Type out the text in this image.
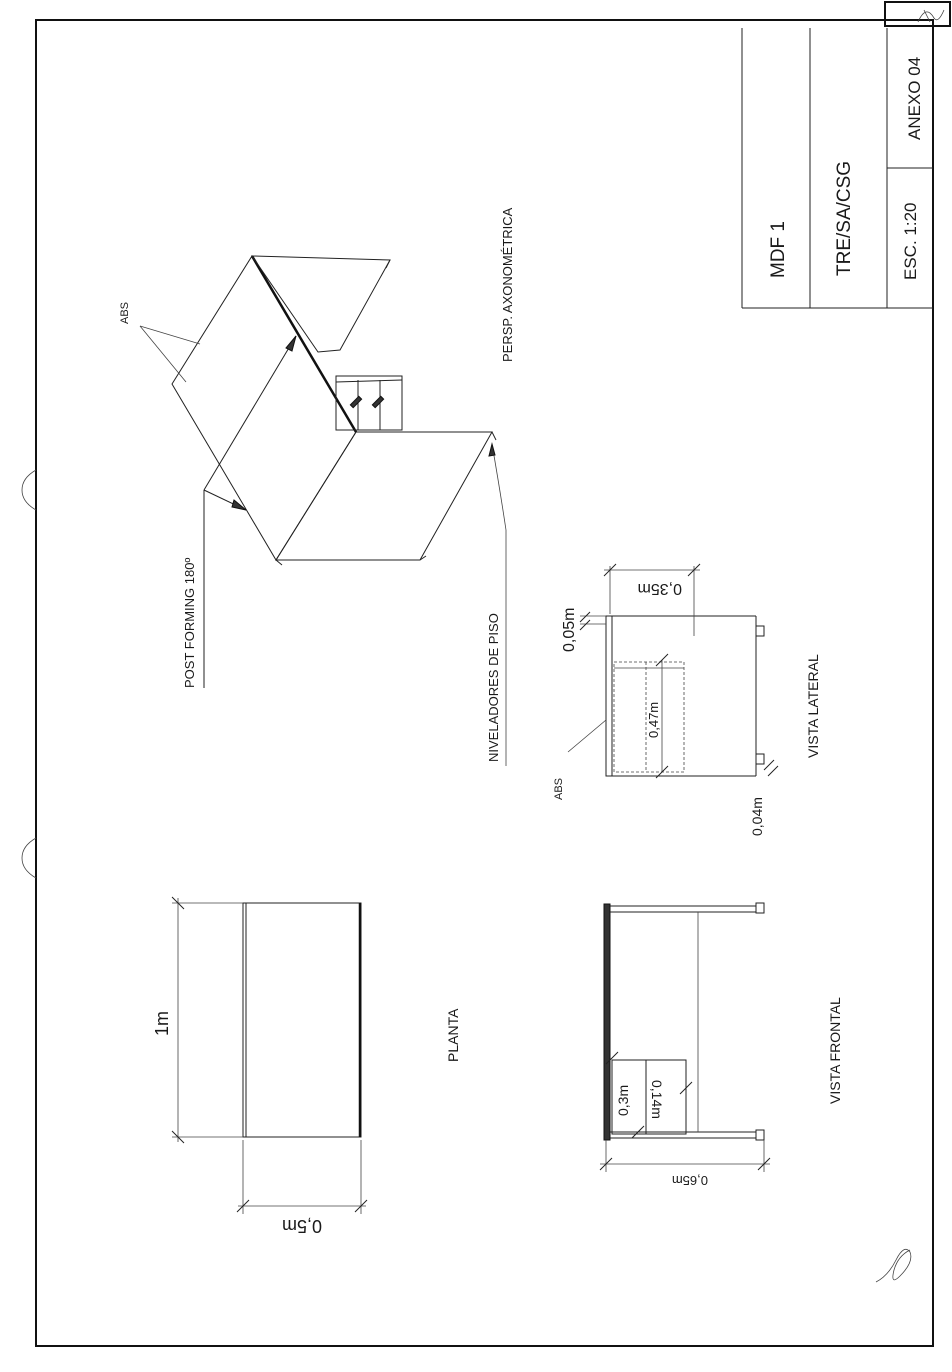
MDF 1 TRE/SA/CSG	ESC. 1:20
ANEXO 04
ABS
POST FORMING 180º	NIVELADORES DE PISO
PERSP. AXONOMÉTRICA
1m
0,5m
PLANTA
0,35m
0,05m
0,47m
ABS
0,04m
VISTA LATERAL
0,3m 0,14m
0,65m
VISTA FRONTAL
